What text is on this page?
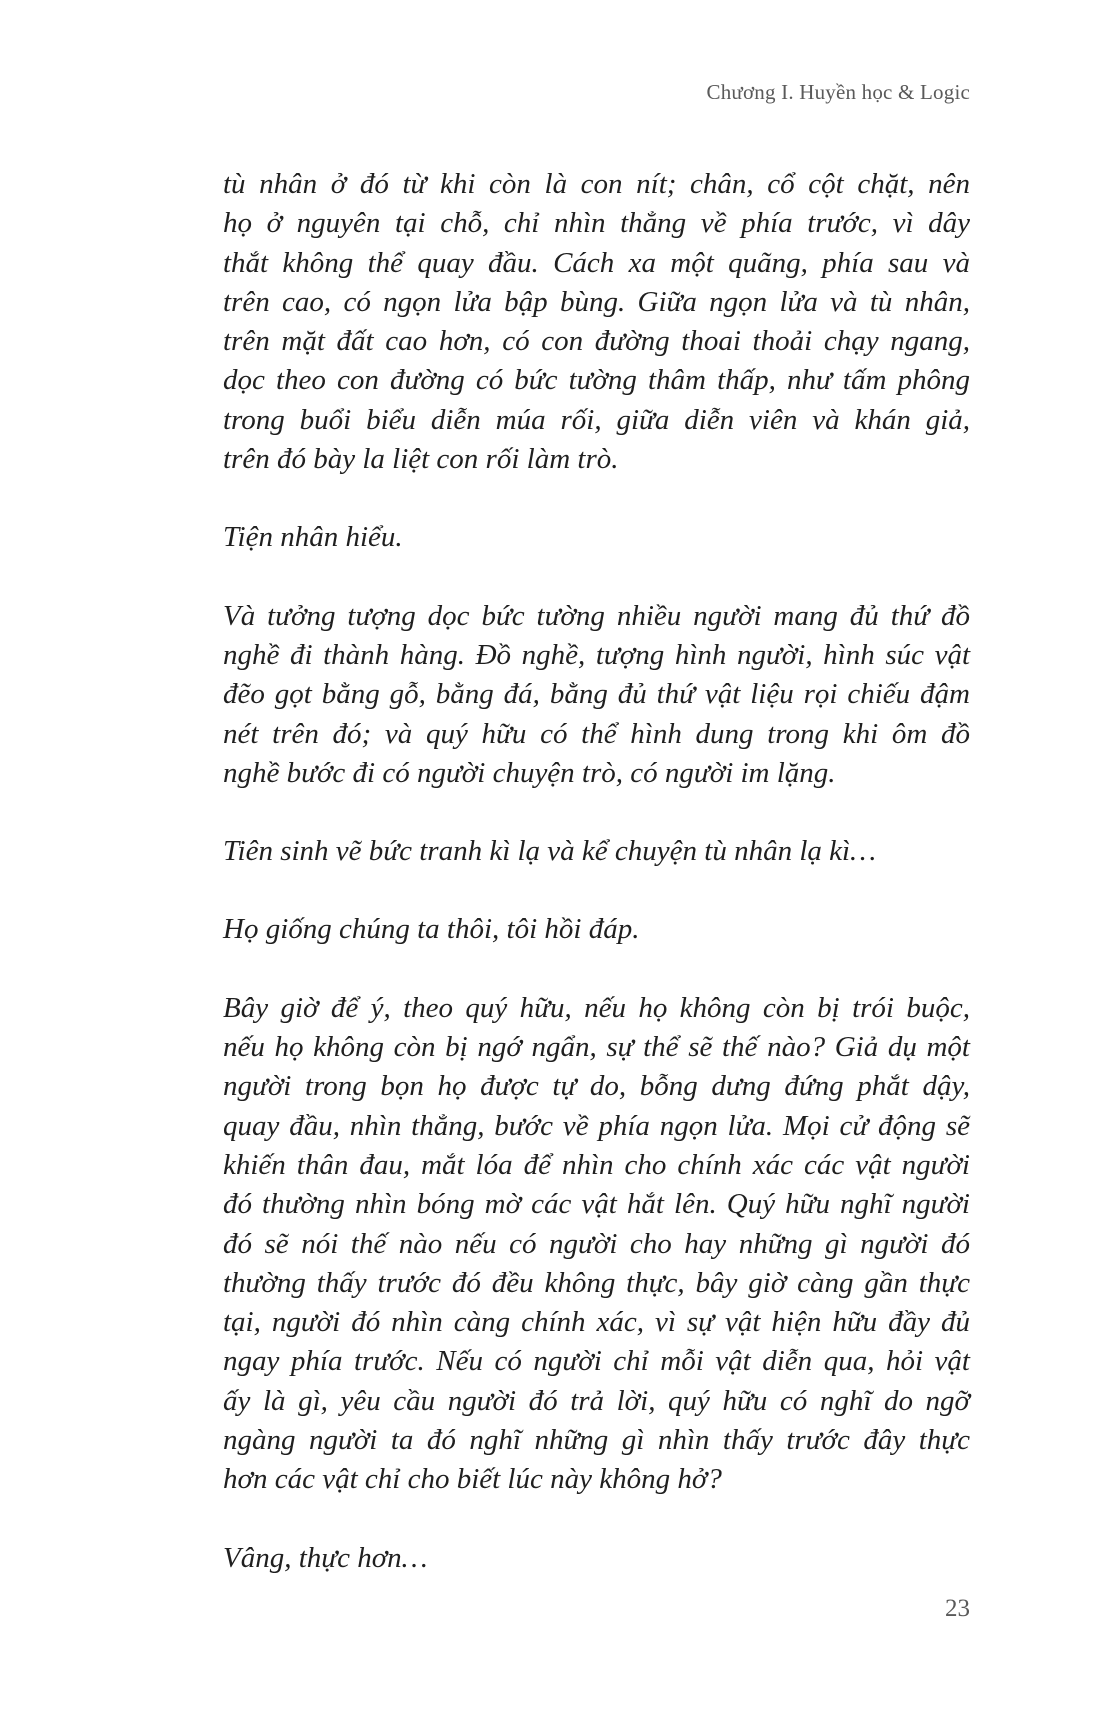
Chương I. Huyền học & Logic

tù nhân ở đó từ khi còn là con nít; chân, cổ cột chặt, nên
họ ở nguyên tại chỗ, chỉ nhìn thẳng về phía trước, vì dây
thắt không thể quay đầu. Cách xa một quãng, phía sau và
trên cao, có ngọn lửa bập bùng. Giữa ngọn lửa và tù nhân,
trên mặt đất cao hơn, có con đường thoai thoải chạy ngang,
dọc theo con đường có bức tường thâm thấp, như tấm phông
trong buổi biểu diễn múa rối, giữa diễn viên và khán giả,
trên đó bày la liệt con rối làm trò.

Tiện nhân hiểu.

Và tưởng tượng dọc bức tường nhiều người mang đủ thứ đồ
nghề đi thành hàng. Đồ nghề, tượng hình người, hình súc vật
đẽo gọt bằng gỗ, bằng đá, bằng đủ thứ vật liệu rọi chiếu đậm
nét trên đó; và quý hữu có thể hình dung trong khi ôm đồ
nghề bước đi có người chuyện trò, có người im lặng.

Tiên sinh vẽ bức tranh kì lạ và kể chuyện tù nhân lạ kì…

Họ giống chúng ta thôi, tôi hồi đáp.

Bây giờ để ý, theo quý hữu, nếu họ không còn bị trói buộc,
nếu họ không còn bị ngớ ngẩn, sự thể sẽ thế nào? Giả dụ một
người trong bọn họ được tự do, bỗng dưng đứng phắt dậy,
quay đầu, nhìn thẳng, bước về phía ngọn lửa. Mọi cử động sẽ
khiến thân đau, mắt lóa để nhìn cho chính xác các vật người
đó thường nhìn bóng mờ các vật hắt lên. Quý hữu nghĩ người
đó sẽ nói thế nào nếu có người cho hay những gì người đó
thường thấy trước đó đều không thực, bây giờ càng gần thực
tại, người đó nhìn càng chính xác, vì sự vật hiện hữu đầy đủ
ngay phía trước. Nếu có người chỉ mỗi vật diễn qua, hỏi vật
ấy là gì, yêu cầu người đó trả lời, quý hữu có nghĩ do ngỡ
ngàng người ta đó nghĩ những gì nhìn thấy trước đây thực
hơn các vật chỉ cho biết lúc này không hở?

Vâng, thực hơn…

23
